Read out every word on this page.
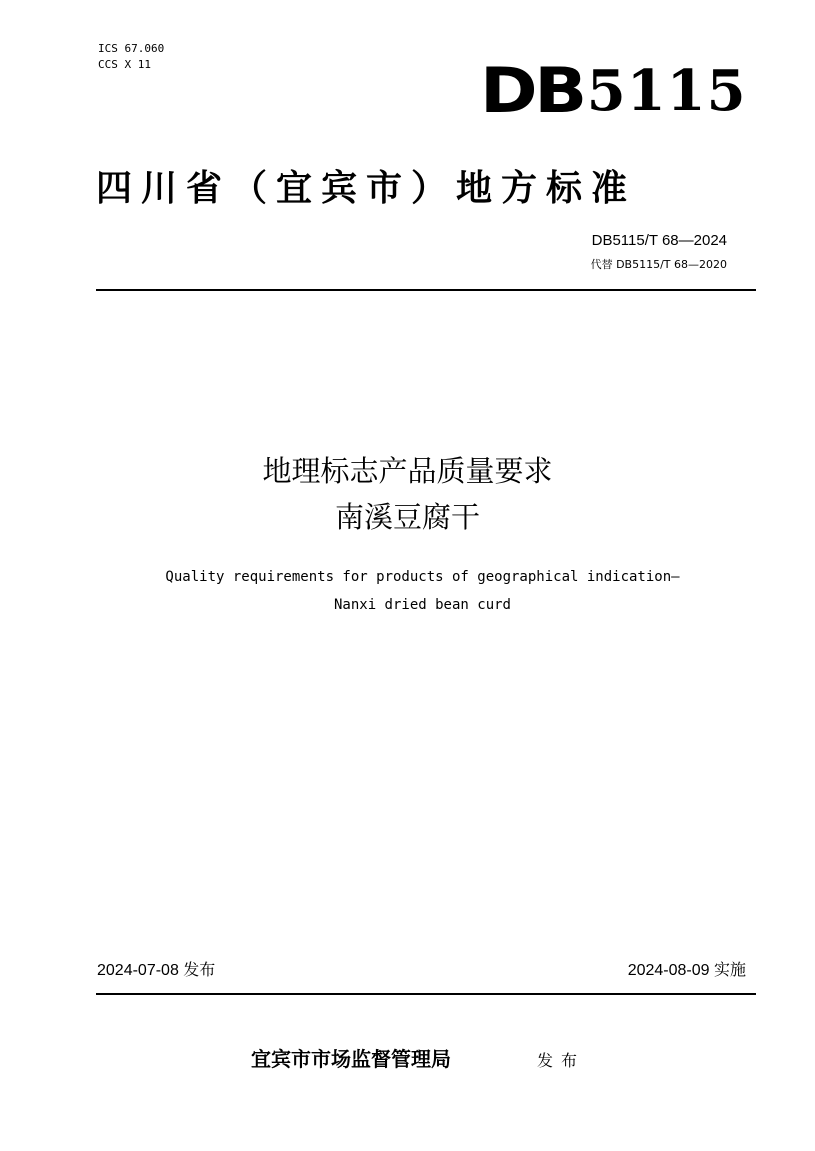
ICS 67.060
CCS X 11	DB 5115
四川省（宜宾市）地方标准
DB5115/T 68—2024
代替 DB5115/T 68—2020
地理标志产品质量要求
南溪豆腐干
Quality requirements for products of geographical indication—
Nanxi dried bean curd
2024-07-08 发布	2024-08-09 实施
宜宾市市场监督管理局	发布
